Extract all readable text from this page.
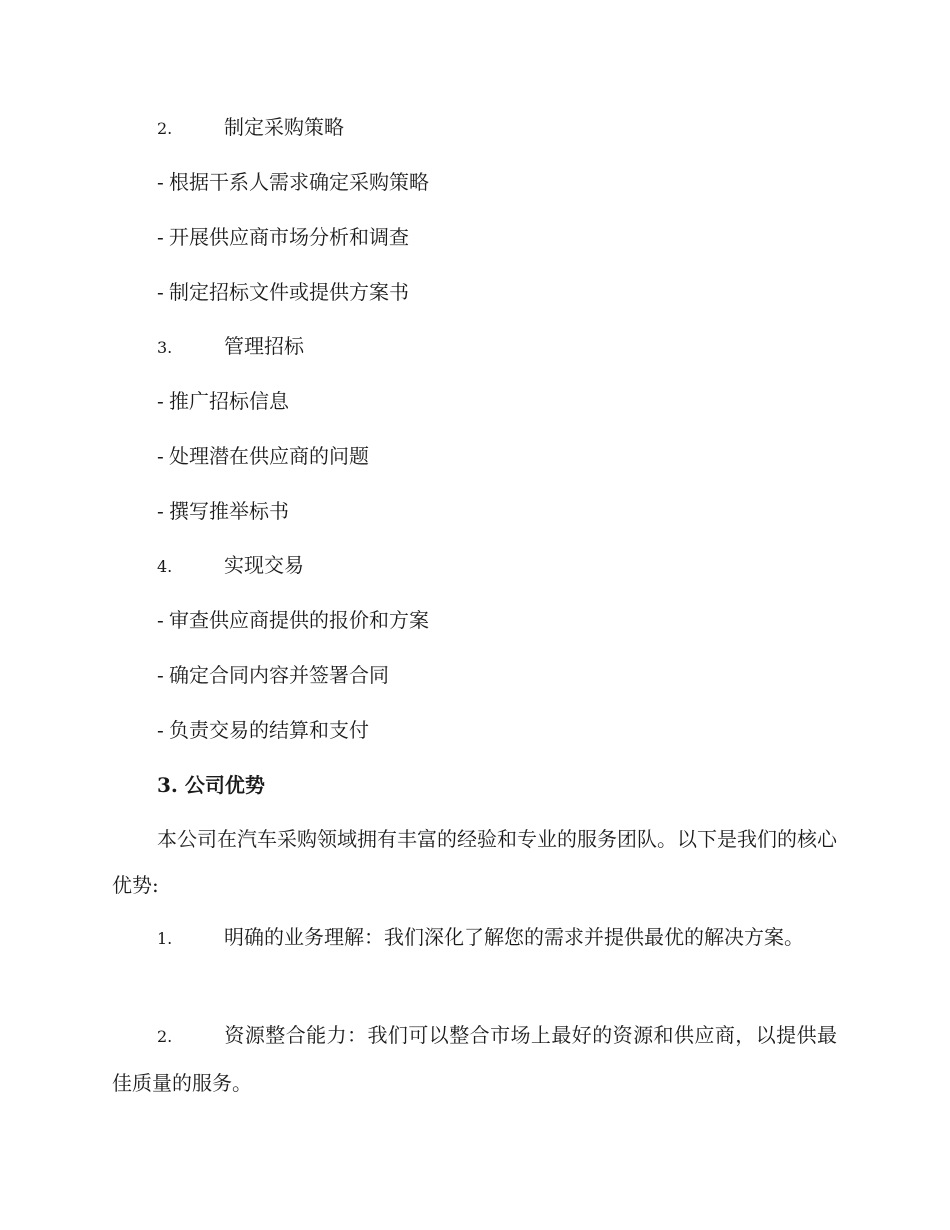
2.	制定采购策略
- 根据干系人需求确定采购策略
- 开展供应商市场分析和调查
- 制定招标文件或提供方案书
3.	管理招标
- 推广招标信息
- 处理潜在供应商的问题
- 撰写推举标书
4.	实现交易
- 审查供应商提供的报价和方案
- 确定合同内容并签署合同
- 负责交易的结算和支付
3. 公司优势
本公司在汽车采购领域拥有丰富的经验和专业的服务团队。以下是我们的核心优势:
1.	明确的业务理解：我们深化了解您的需求并提供最优的解决方案。
2.	资源整合能力：我们可以整合市场上最好的资源和供应商，以提供最佳质量的服务。
